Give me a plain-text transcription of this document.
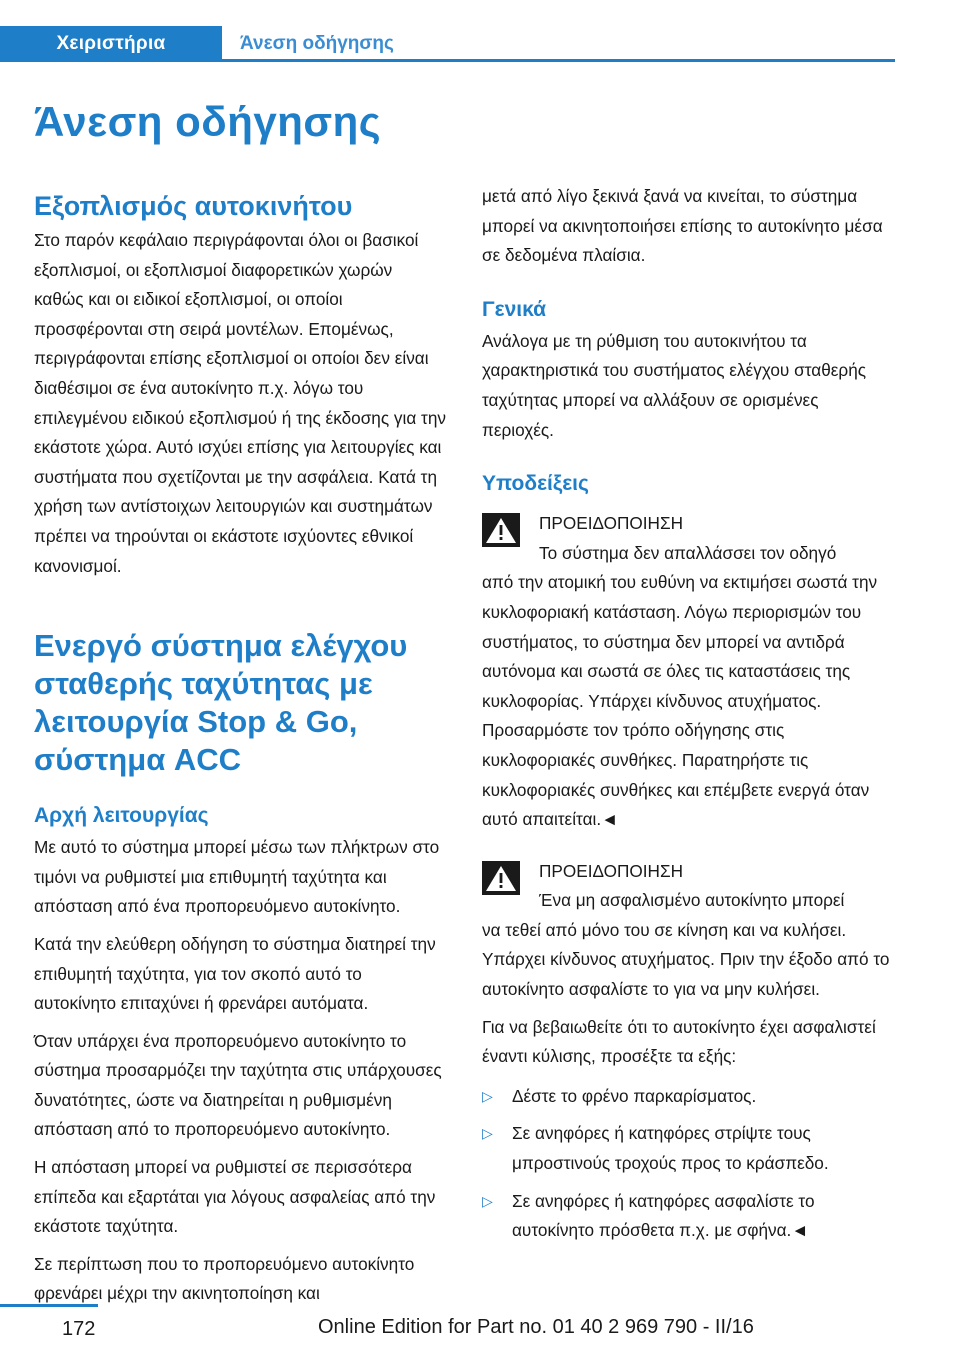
Χειριστήρια	Άνεση οδήγησης
Άνεση οδήγησης
Εξοπλισμός αυτοκινήτου

Στο παρόν κεφάλαιο περιγράφονται όλοι οι βασικοί εξοπλισμοί, οι εξοπλισμοί διαφορετικών χωρών καθώς και οι ειδικοί εξοπλισμοί, οι οποίοι προσφέρονται στη σειρά μοντέλων. Επομένως, περιγράφονται επίσης εξοπλισμοί οι οποίοι δεν είναι διαθέσιμοι σε ένα αυτοκίνητο π.χ. λόγω του επιλεγμένου ειδικού εξοπλισμού ή της έκδοσης για την εκάστοτε χώρα. Αυτό ισχύει επίσης για λειτουργίες και συστήματα που σχετίζονται με την ασφάλεια. Κατά τη χρήση των αντίστοιχων λειτουργιών και συστημάτων πρέπει να τηρούνται οι εκάστοτε ισχύοντες εθνικοί κανονισμοί.

Ενεργό σύστημα ελέγχου σταθερής ταχύτητας με λειτουργία Stop & Go, σύστημα ACC
Αρχή λειτουργίας

Με αυτό το σύστημα μπορεί μέσω των πλήκτρων στο τιμόνι να ρυθμιστεί μια επιθυμητή ταχύτητα και απόσταση από ένα προπορευόμενο αυτοκίνητο.

Κατά την ελεύθερη οδήγηση το σύστημα διατηρεί την επιθυμητή ταχύτητα, για τον σκοπό αυτό το αυτοκίνητο επιταχύνει ή φρενάρει αυτόματα.

Όταν υπάρχει ένα προπορευόμενο αυτοκίνητο το σύστημα προσαρμόζει την ταχύτητα στις υπάρχουσες δυνατότητες, ώστε να διατηρείται η ρυθμισμένη απόσταση από το προπορευόμενο αυτοκίνητο.

Η απόσταση μπορεί να ρυθμιστεί σε περισσότερα επίπεδα και εξαρτάται για λόγους ασφαλείας από την εκάστοτε ταχύτητα.

Σε περίπτωση που το προπορευόμενο αυτοκίνητο φρενάρει μέχρι την ακινητοποίηση και

μετά από λίγο ξεκινά ξανά να κινείται, το σύστημα μπορεί να ακινητοποιήσει επίσης το αυτοκίνητο μέσα σε δεδομένα πλαίσια.

Γενικά

Ανάλογα με τη ρύθμιση του αυτοκινήτου τα χαρακτηριστικά του συστήματος ελέγχου σταθερής ταχύτητας μπορεί να αλλάξουν σε ορισμένες περιοχές.

Υποδείξεις
ΠΡΟΕΙΔΟΠΟΙΗΣΗ
Το σύστημα δεν απαλλάσσει τον οδηγό
από την ατομική του ευθύνη να εκτιμήσει σωστά την κυκλοφοριακή κατάσταση. Λόγω περιορισμών του συστήματος, το σύστημα δεν μπορεί να αντιδρά αυτόνομα και σωστά σε όλες τις καταστάσεις της κυκλοφορίας. Υπάρχει κίνδυνος ατυχήματος. Προσαρμόστε τον τρόπο οδήγησης στις κυκλοφοριακές συνθήκες. Παρατηρήστε τις κυκλοφοριακές συνθήκες και επέμβετε ενεργά όταν αυτό απαιτείται.◄
ΠΡΟΕΙΔΟΠΟΙΗΣΗ
Ένα μη ασφαλισμένο αυτοκίνητο μπορεί
να τεθεί από μόνο του σε κίνηση και να κυλήσει. Υπάρχει κίνδυνος ατυχήματος. Πριν την έξοδο από το αυτοκίνητο ασφαλίστε το για να μην κυλήσει.

Για να βεβαιωθείτε ότι το αυτοκίνητο έχει ασφαλιστεί έναντι κύλισης, προσέξτε τα εξής:

▷ Δέστε το φρένο παρκαρίσματος.
▷ Σε ανηφόρες ή κατηφόρες στρίψτε τους μπροστινούς τροχούς προς το κράσπεδο.
▷ Σε ανηφόρες ή κατηφόρες ασφαλίστε το αυτοκίνητο πρόσθετα π.χ. με σφήνα.◄
172	Online Edition for Part no. 01 40 2 969 790 - II/16
